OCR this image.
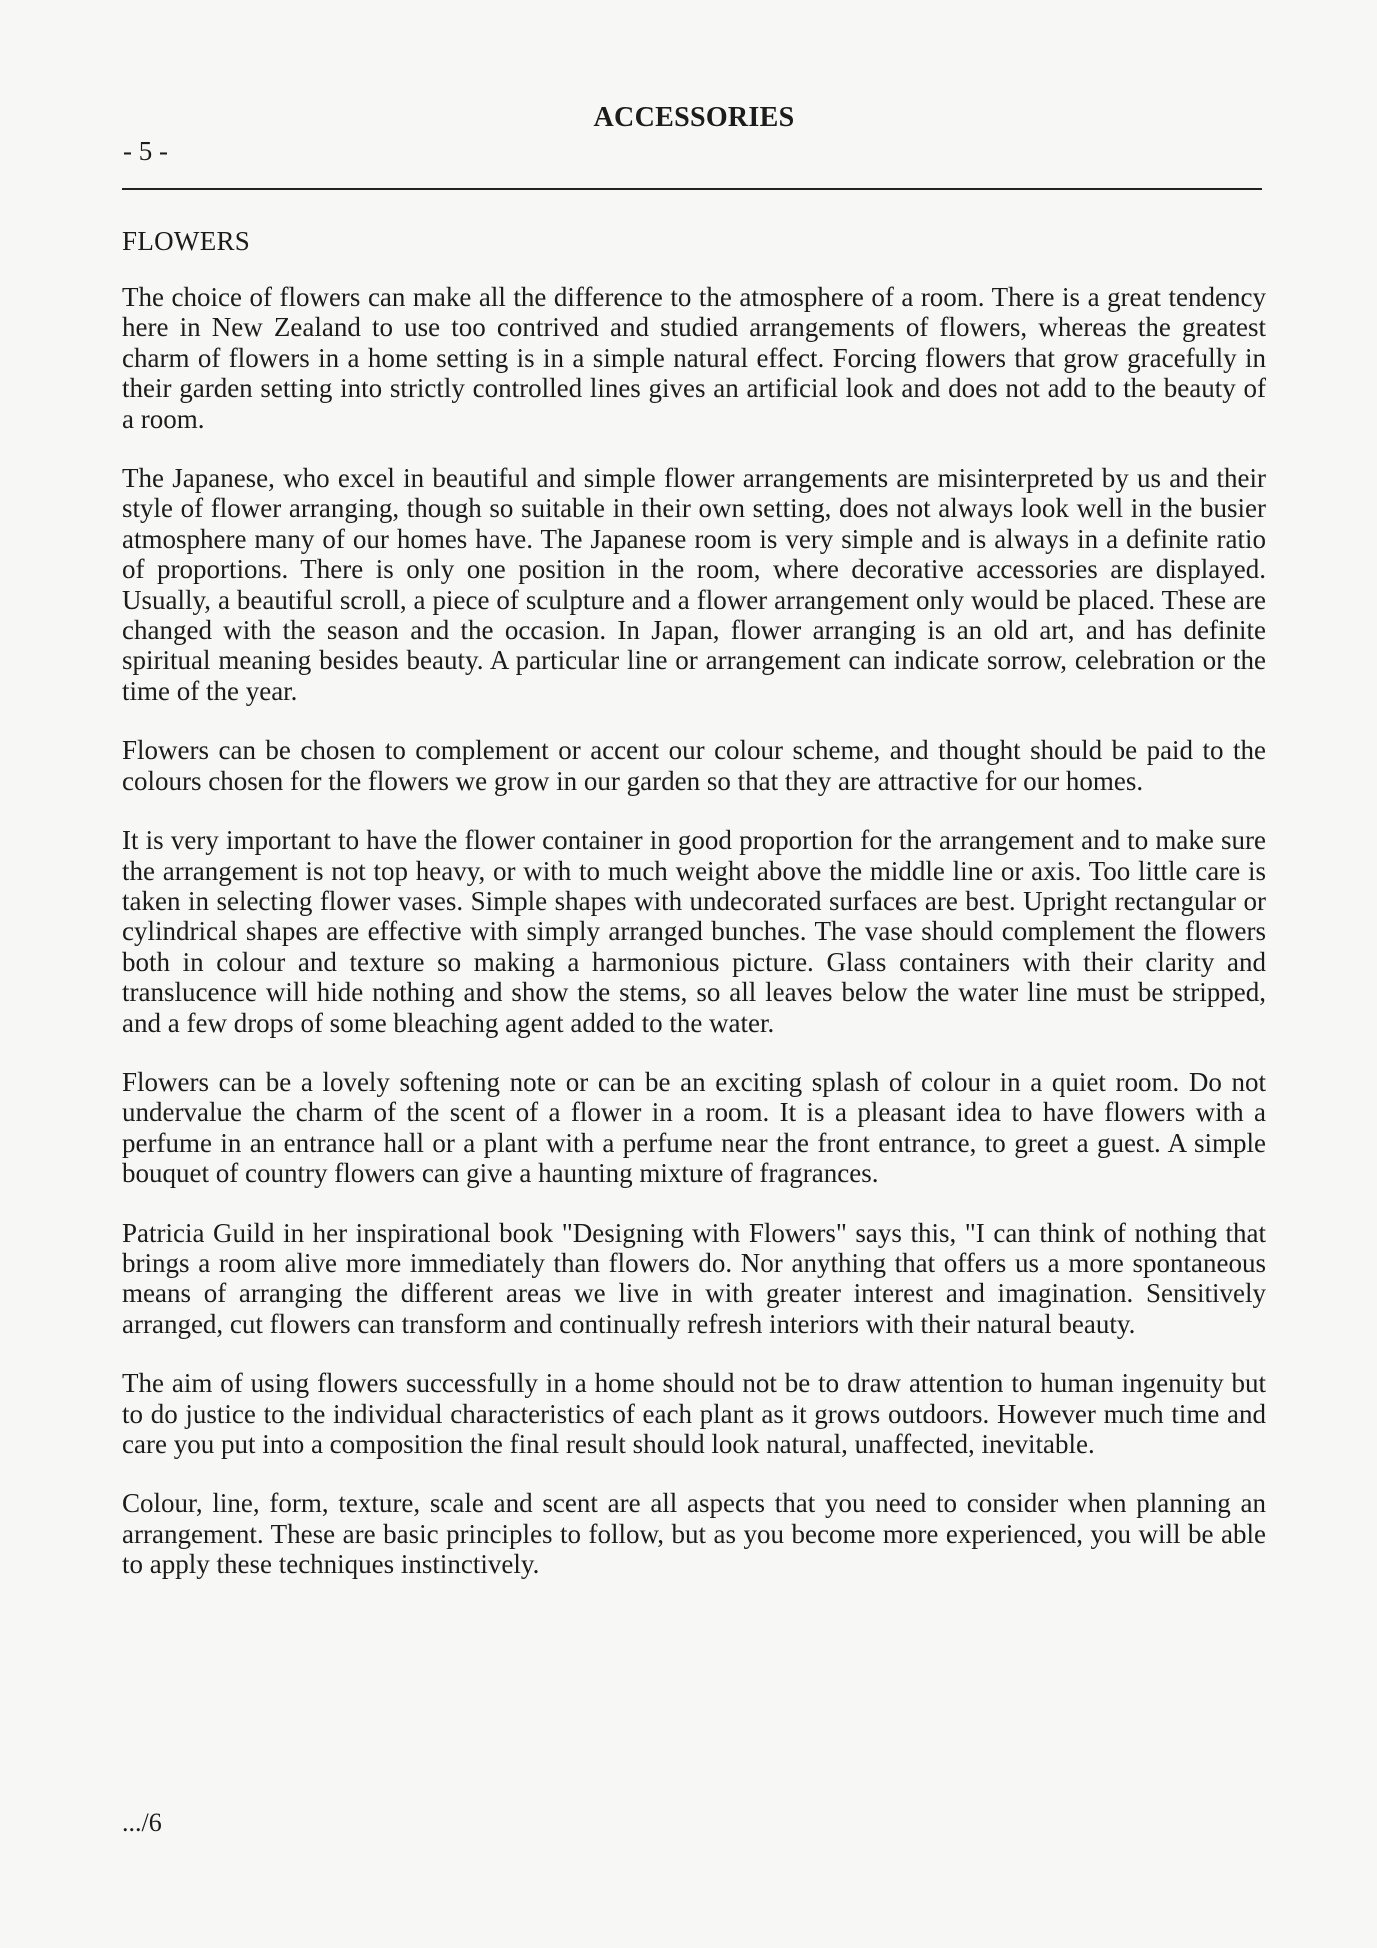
ACCESSORIES
- 5 -
FLOWERS

The choice of flowers can make all the difference to the atmosphere of a room. There is a great tendency here in New Zealand to use too contrived and studied arrangements of flowers, whereas the greatest charm of flowers in a home setting is in a simple natural effect. Forcing flowers that grow gracefully in their garden setting into strictly controlled lines gives an artificial look and does not add to the beauty of a room.

The Japanese, who excel in beautiful and simple flower arrangements are misinterpreted by us and their style of flower arranging, though so suitable in their own setting, does not always look well in the busier atmosphere many of our homes have. The Japanese room is very simple and is always in a definite ratio of proportions. There is only one position in the room, where decorative accessories are displayed. Usually, a beautiful scroll, a piece of sculpture and a flower arrangement only would be placed. These are changed with the season and the occasion. In Japan, flower arranging is an old art, and has definite spiritual meaning besides beauty. A particular line or arrangement can indicate sorrow, celebration or the time of the year.

Flowers can be chosen to complement or accent our colour scheme, and thought should be paid to the colours chosen for the flowers we grow in our garden so that they are attractive for our homes.

It is very important to have the flower container in good proportion for the arrangement and to make sure the arrangement is not top heavy, or with to much weight above the middle line or axis. Too little care is taken in selecting flower vases. Simple shapes with undecorated surfaces are best. Upright rectangular or cylindrical shapes are effective with simply arranged bunches. The vase should complement the flowers both in colour and texture so making a harmonious picture. Glass containers with their clarity and translucence will hide nothing and show the stems, so all leaves below the water line must be stripped, and a few drops of some bleaching agent added to the water.

Flowers can be a lovely softening note or can be an exciting splash of colour in a quiet room. Do not undervalue the charm of the scent of a flower in a room. It is a pleasant idea to have flowers with a perfume in an entrance hall or a plant with a perfume near the front entrance, to greet a guest. A simple bouquet of country flowers can give a haunting mixture of fragrances.

Patricia Guild in her inspirational book "Designing with Flowers" says this, "I can think of nothing that brings a room alive more immediately than flowers do. Nor anything that offers us a more spontaneous means of arranging the different areas we live in with greater interest and imagination. Sensitively arranged, cut flowers can transform and continually refresh interiors with their natural beauty.

The aim of using flowers successfully in a home should not be to draw attention to human ingenuity but to do justice to the individual characteristics of each plant as it grows outdoors. However much time and care you put into a composition the final result should look natural, unaffected, inevitable.

Colour, line, form, texture, scale and scent are all aspects that you need to consider when planning an arrangement. These are basic principles to follow, but as you become more experienced, you will be able to apply these techniques instinctively.

.../6
